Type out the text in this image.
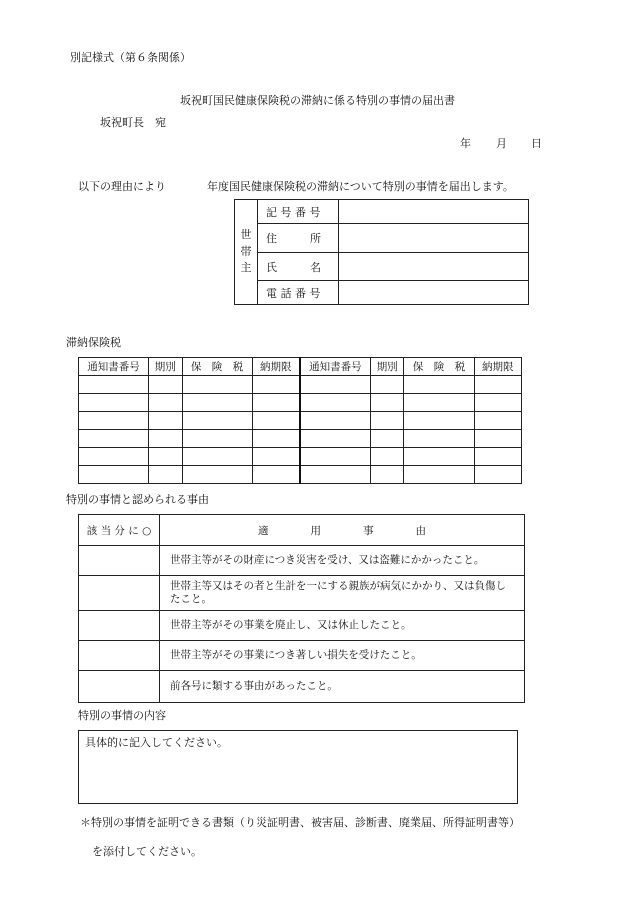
別記様式（第６条関係）
坂祝町国民健康保険税の滞納に係る特別の事情の届出書
坂祝町長　宛
年 月 日
以下の理由により	年度国民健康保険税の滞納について特別の事情を届出します。
世
帯
主	記 号 番 号	
	住　　　所	
	氏　　　名	
	電 話 番 号	
滞納保険税
通知書番号	期別	保　険　税	納期限	通知書番号	期別	保　険　税	納期限

特別の事情と認められる事由
該 当 分 に ○	適　　　　用　　　　事　　　　由
	世帯主等がその財産につき災害を受け、又は盗難にかかったこと。
	世帯主等又はその者と生計を一にする親族が病気にかかり、又は負傷したこと。
	世帯主等がその事業を廃止し、又は休止したこと。
	世帯主等がその事業につき著しい損失を受けたこと。
	前各号に類する事由があったこと。
特別の事情の内容
具体的に記入してください。
＊特別の事情を証明できる書類（り災証明書、被害届、診断書、廃業届、所得証明書等）
を添付してください。
